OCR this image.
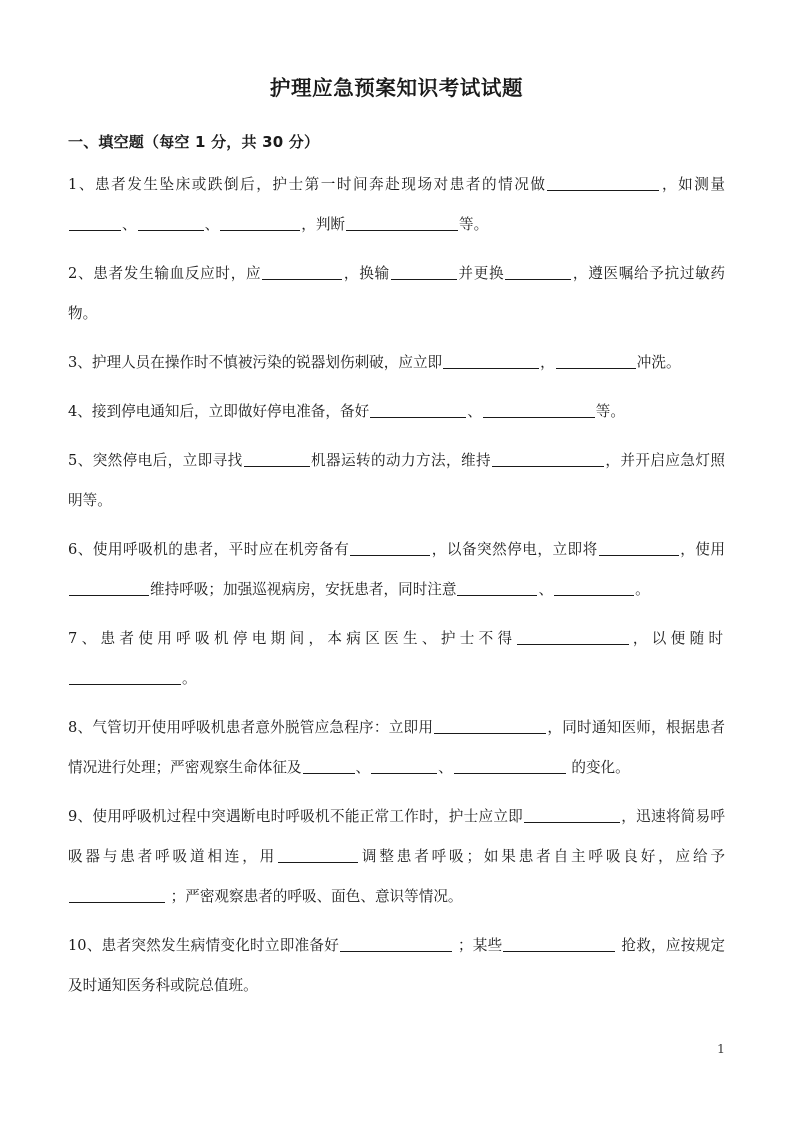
护理应急预案知识考试试题
一、填空题（每空 1 分，共 30 分）

1、患者发生坠床或跌倒后，护士第一时间奔赴现场对患者的情况做	，如测量、	、	，判断	等。

2、患者发生输血反应时，应	，换输	并更换	，遵医嘱给予抗过敏药物。

3、护理人员在操作时不慎被污染的锐器划伤刺破，应立即	，	冲洗。

4、接到停电通知后，立即做好停电准备，备好	、	等。

5、突然停电后，立即寻找	机器运转的动力方法，维持	，并开启应急灯照明等。

6、使用呼吸机的患者，平时应在机旁备有	，以备突然停电，立即将	，使用维持呼吸；加强巡视病房，安抚患者，同时注意	、	。

7、患者使用呼吸机停电期间，本病区医生、护士不得	，以便随时。

8、气管切开使用呼吸机患者意外脱管应急程序：立即用	，同时通知医师，根据患者情况进行处理；严密观察生命体征及	、	、	的变化。

9、使用呼吸机过程中突遇断电时呼吸机不能正常工作时，护士应立即	，迅速将简易呼吸器与患者呼吸道相连，用	调整患者呼吸；如果患者自主呼吸良好，应给予 ；严密观察患者的呼吸、面色、意识等情况。

10、患者突然发生病情变化时立即准备好	；某些	抢救，应按规定及时通知医务科或院总值班。

1
